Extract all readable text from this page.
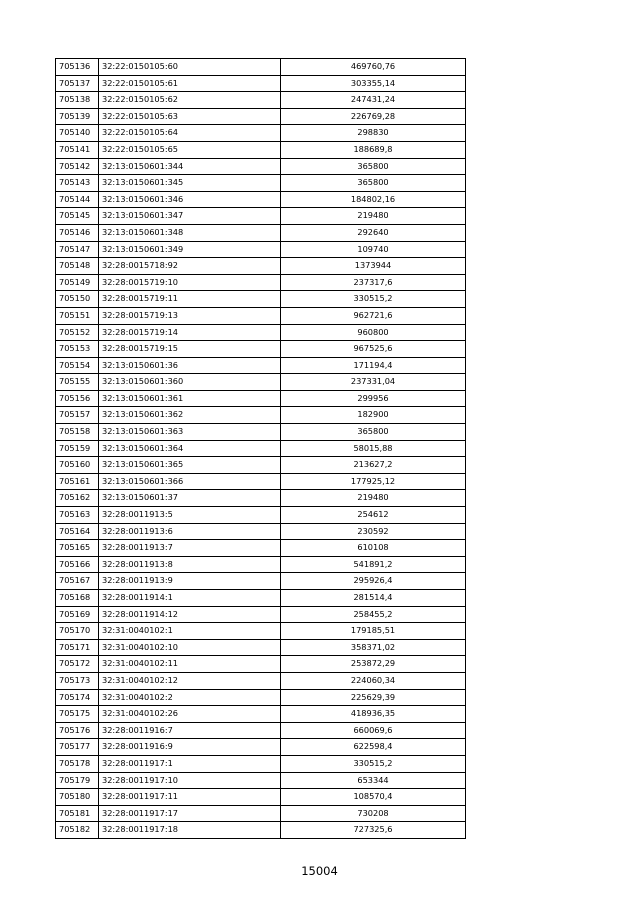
705136	32:22:0150105:60	469760,76
705137	32:22:0150105:61	303355,14
705138	32:22:0150105:62	247431,24
705139	32:22:0150105:63	226769,28
705140	32:22:0150105:64	298830
705141	32:22:0150105:65	188689,8
705142	32:13:0150601:344	365800
705143	32:13:0150601:345	365800
705144	32:13:0150601:346	184802,16
705145	32:13:0150601:347	219480
705146	32:13:0150601:348	292640
705147	32:13:0150601:349	109740
705148	32:28:0015718:92	1373944
705149	32:28:0015719:10	237317,6
705150	32:28:0015719:11	330515,2
705151	32:28:0015719:13	962721,6
705152	32:28:0015719:14	960800
705153	32:28:0015719:15	967525,6
705154	32:13:0150601:36	171194,4
705155	32:13:0150601:360	237331,04
705156	32:13:0150601:361	299956
705157	32:13:0150601:362	182900
705158	32:13:0150601:363	365800
705159	32:13:0150601:364	58015,88
705160	32:13:0150601:365	213627,2
705161	32:13:0150601:366	177925,12
705162	32:13:0150601:37	219480
705163	32:28:0011913:5	254612
705164	32:28:0011913:6	230592
705165	32:28:0011913:7	610108
705166	32:28:0011913:8	541891,2
705167	32:28:0011913:9	295926,4
705168	32:28:0011914:1	281514,4
705169	32:28:0011914:12	258455,2
705170	32:31:0040102:1	179185,51
705171	32:31:0040102:10	358371,02
705172	32:31:0040102:11	253872,29
705173	32:31:0040102:12	224060,34
705174	32:31:0040102:2	225629,39
705175	32:31:0040102:26	418936,35
705176	32:28:0011916:7	660069,6
705177	32:28:0011916:9	622598,4
705178	32:28:0011917:1	330515,2
705179	32:28:0011917:10	653344
705180	32:28:0011917:11	108570,4
705181	32:28:0011917:17	730208
705182	32:28:0011917:18	727325,6
15004
